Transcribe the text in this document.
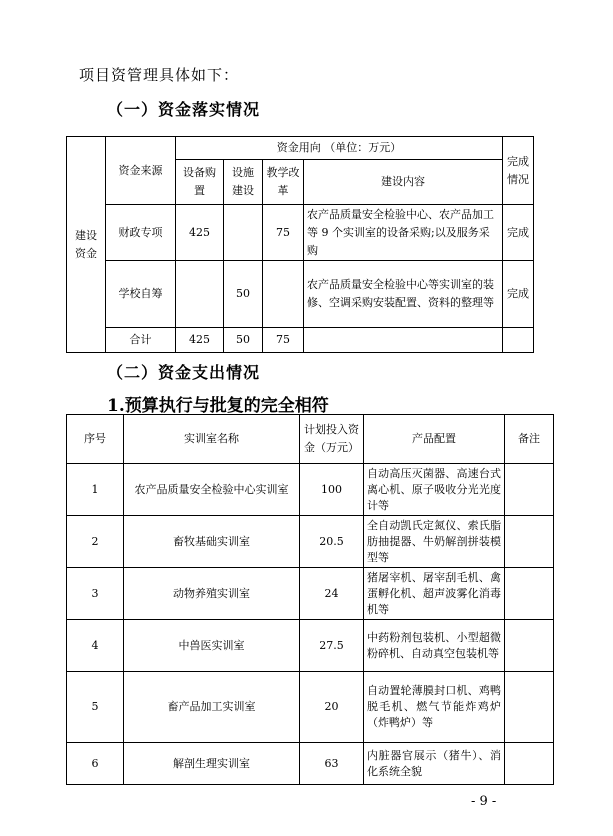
项目资管理具体如下：
（一）资金落实情况
建设资金	资金来源	资金用向 （单位：万元）				完成情况
		设备购置	设施建设	教学改革	建设内容	
	财政专项	425		75	农产品质量安全检验中心、农产品加工等 9 个实训室的设备采购;以及服务采购	完成
	学校自筹		50		农产品质量安全检验中心等实训室的装修、空调采购安装配置、资料的整理等	完成
	合计	425	50	75		
（二）资金支出情况
1.预算执行与批复的完全相符
序号	实训室名称	计划投入资金（万元）	产品配置	备注
1	农产品质量安全检验中心实训室	100	自动高压灭菌器、高速台式离心机、原子吸收分光光度计等	
2	畜牧基础实训室	20.5	全自动凯氏定氮仪、索氏脂肪抽提器、牛奶解剖拼装模型等	
3	动物养殖实训室	24	猪屠宰机、屠宰刮毛机、禽蛋孵化机、超声波雾化消毒机等	
4	中兽医实训室	27.5	中药粉剂包装机、小型超微粉碎机、自动真空包装机等	
5	畜产品加工实训室	20	自动置轮薄膜封口机、鸡鸭脱毛机、燃气节能炸鸡炉（炸鸭炉）等	
6	解剖生理实训室	63	内脏器官展示（猪牛）、消化系统全貌	
- 9 -
